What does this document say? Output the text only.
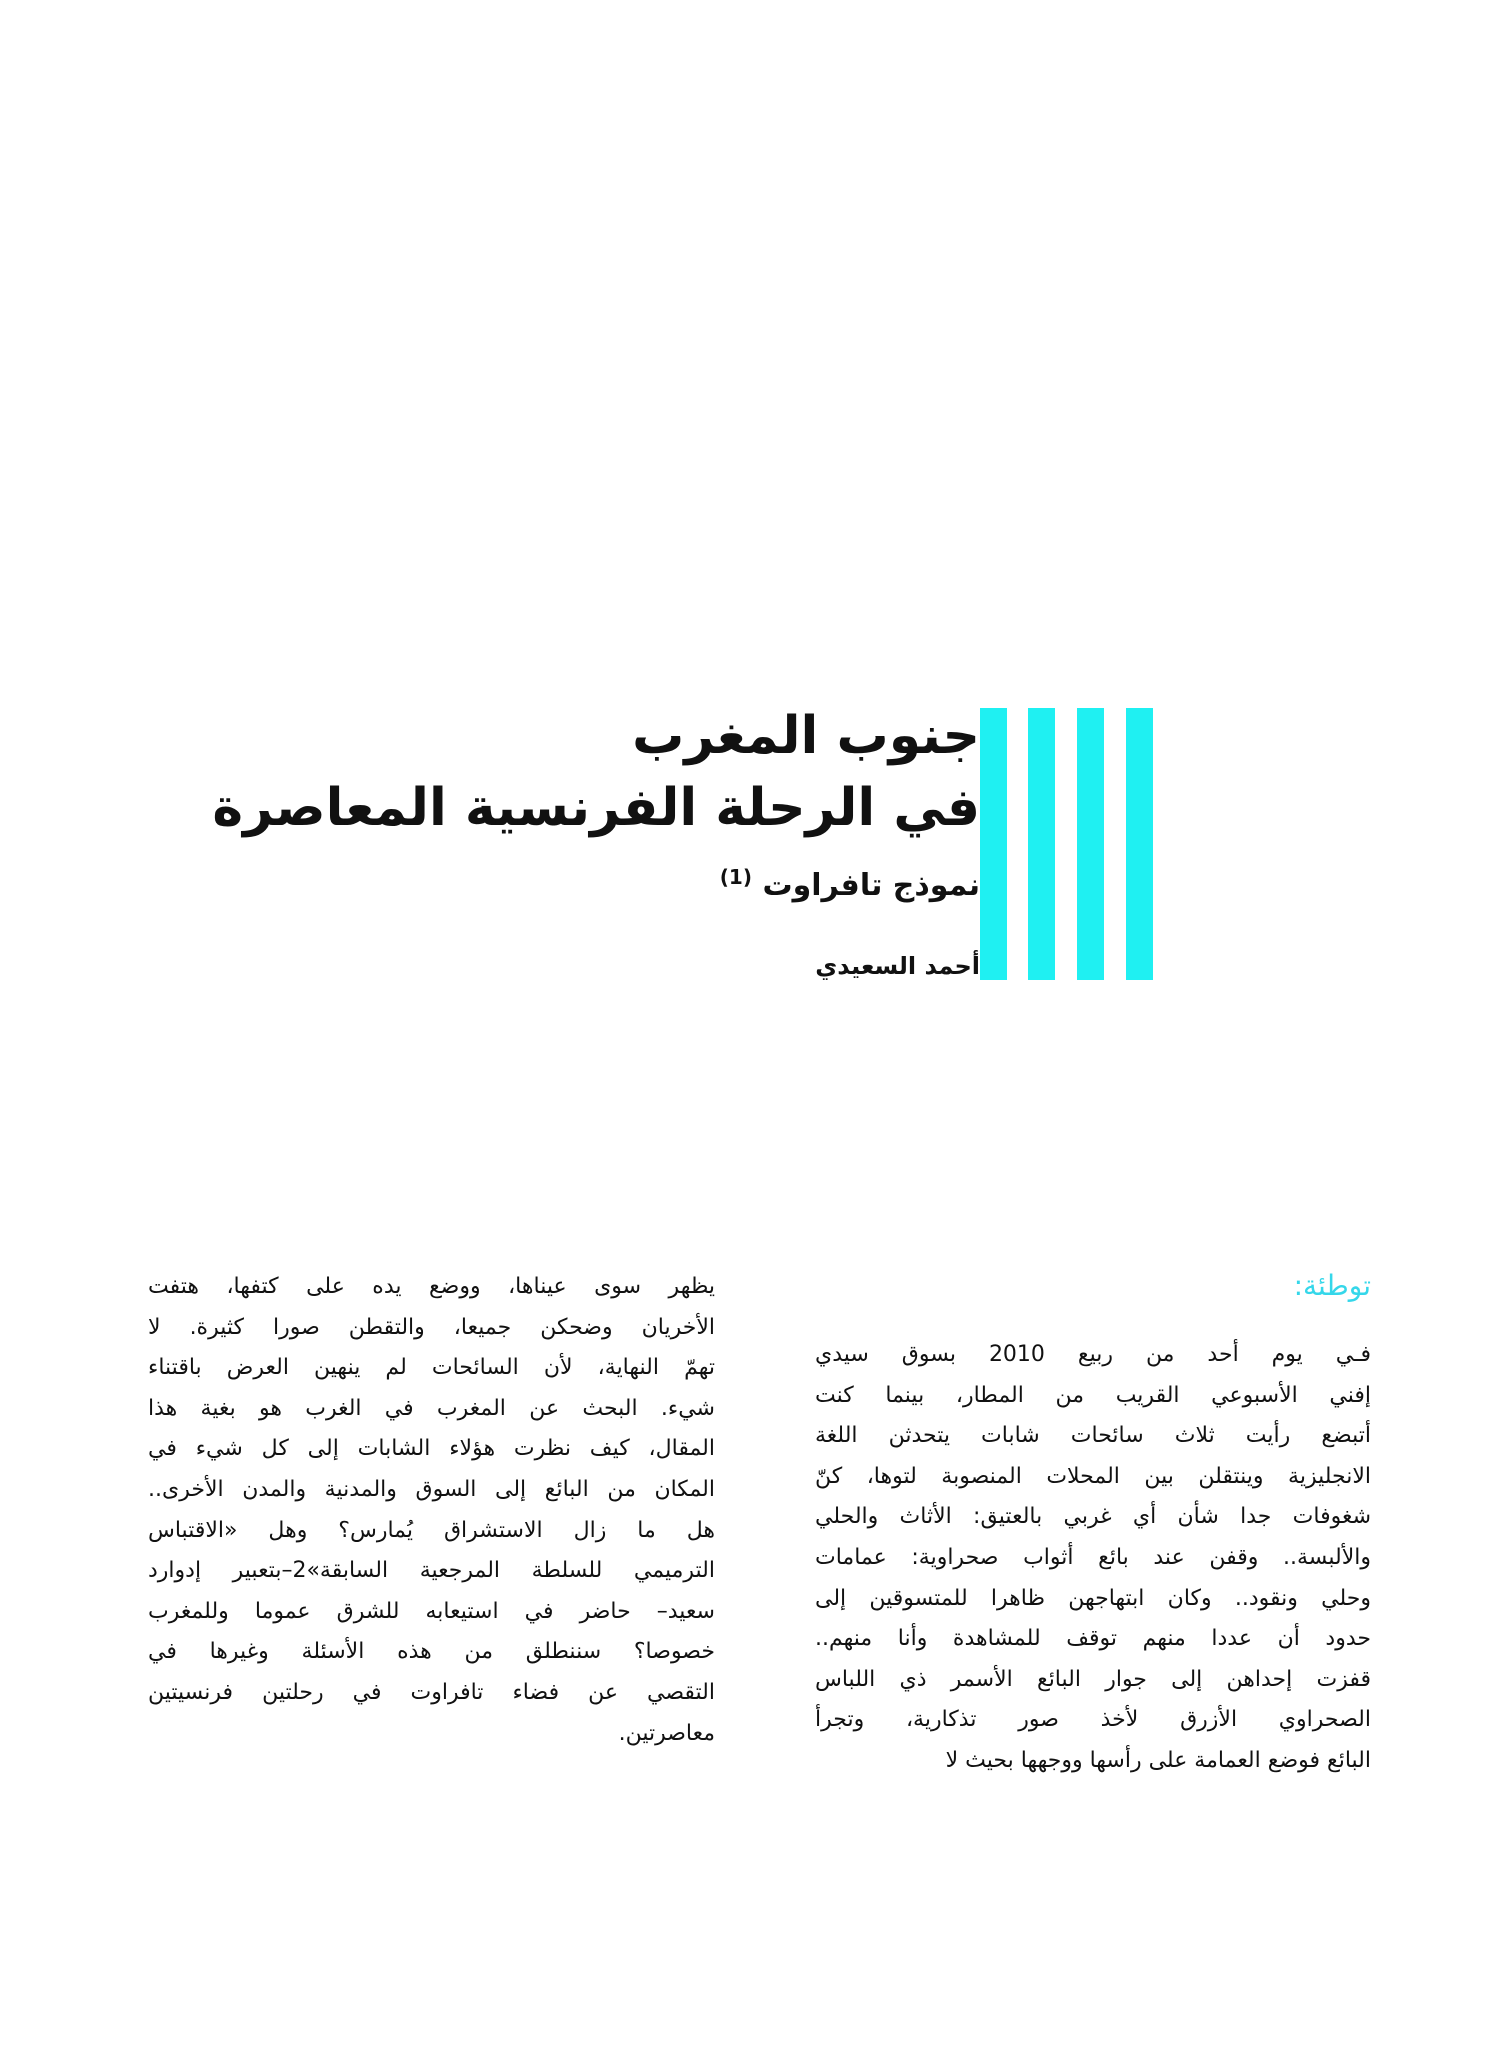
جنوب المغرب
في الرحلة الفرنسية المعاصرة
نموذج تافراوت $^{(1)}$
أحمد السعيدي
توطئة:
فـي يوم أحد من ربيع 2010 بسوق سيدي
إفني الأسبوعي القريب من المطار، بينما كنت
أتبضع رأيت ثلاث سائحات شابات يتحدثن اللغة
الانجليزية وينتقلن بين المحلات المنصوبة لتوها، كنّ
شغوفات جدا شأن أي غربي بالعتيق: الأثاث والحلي
والألبسة.. وقفن عند بائع أثواب صحراوية: عمامات
وحلي ونقود.. وكان ابتهاجهن ظاهرا للمتسوقين إلى
حدود أن عددا منهم توقف للمشاهدة وأنا منهم..
قفزت إحداهن إلى جوار البائع الأسمر ذي اللباس
الصحراوي الأزرق لأخذ صور تذكارية، وتجرأ
البائع فوضع العمامة على رأسها ووجهها بحيث لا
يظهر سوى عيناها، ووضع يده على كتفها، هتفت
الأخريان وضحكن جميعا، والتقطن صورا كثيرة. لا
تهمّ النهاية، لأن السائحات لم ينهين العرض باقتناء
شيء. البحث عن المغرب في الغرب هو بغية هذا
المقال، كيف نظرت هؤلاء الشابات إلى كل شيء في
المكان من البائع إلى السوق والمدنية والمدن الأخرى..
هل ما زال الاستشراق يُمارس؟ وهل «الاقتباس
الترميمي للسلطة المرجعية السابقة»2–بتعبير إدوارد
سعيد– حاضر في استيعابه للشرق عموما وللمغرب
خصوصا؟ سننطلق من هذه الأسئلة وغيرها في
التقصي عن فضاء تافراوت في رحلتين فرنسيتين
معاصرتين.
